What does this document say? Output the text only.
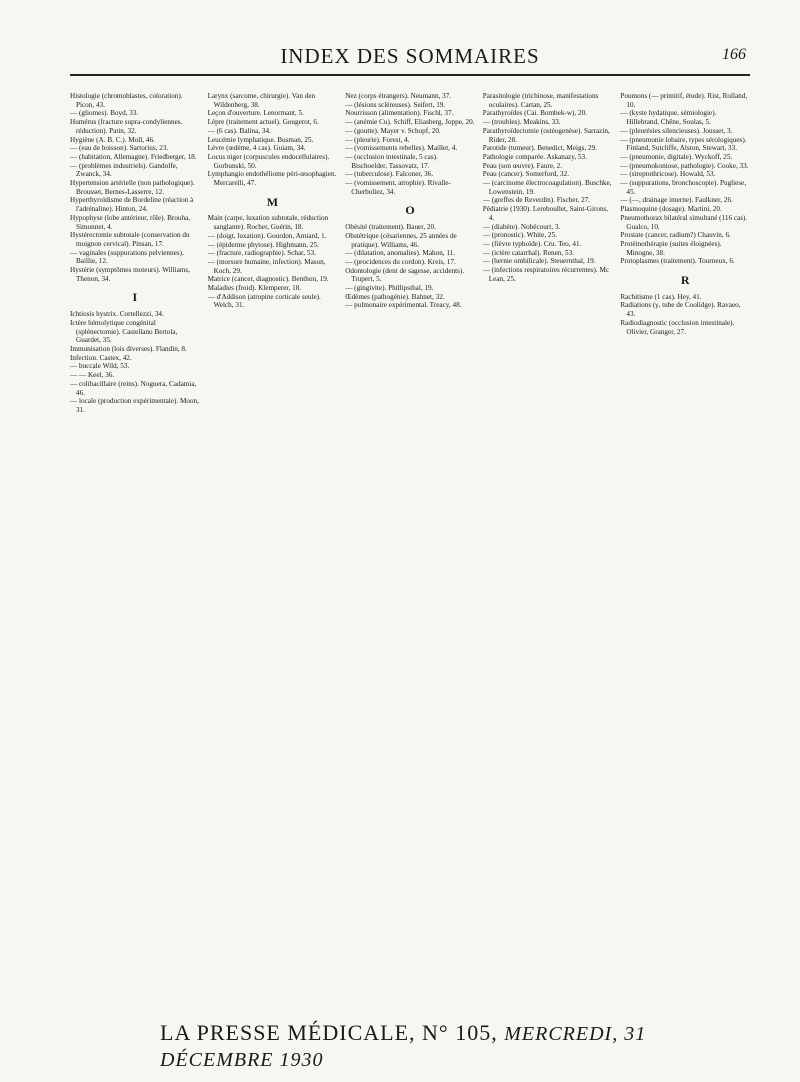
INDEX DES SOMMAIRES	166

Histologie (chromoblastes, coloration). Picon, 43.

— (gliomes). Boyd, 33.

Humérus (fracture supra-condyliennes. réduction). Patin, 32.

Hygiène (A. B. C.). Moll, 46.

— (eau de boisson). Sartorius, 23.

— (habitation, Allemagne). Friedberger, 18.

— (problèmes industriels). Gandolfe, Zwanck, 34.

Hypertension artérielle (non pathologique). Brousset, Bernes-Lasserre, 12.

Hyperthyroïdisme de Bordeline (réaction à l'adrénaline). Hinton, 24.

Hypophyse (lobe antérieur, rôle). Brouha, Simonnet, 4.

Hystérectomie subtotale (conservation du moignon cervical). Pinsan, 17.

— vaginales (suppurations pelviennes). Baillie, 12.

Hystérie (symptômes moteurs). Williams, Thenon, 34.

I

Ichtiosis hystrix. Cortellezzi, 34.

Ictère hémolytique congénital (splénectomie). Castellano Bertola, Guardet, 35.

Immunisation (lois diverses). Flandin, 8.

Infection. Castex, 42.

— buccale Wild, 53.

— — Keel, 36.

— colibacillaire (reins). Noguera, Cadamia, 46.

— locale (production expérimentale). Moon, 31.

Larynx (sarcome, chirurgie). Van den Wildenberg, 38.

Leçon d'ouverture. Lenormant, 5.

Lèpre (traitement actuel). Gougerot, 6.

— (6 cas). Balina, 34.

Leucémie lymphatique. Busman, 25.

Lèvre (œdème, 4 cas). Guiam, 34.

Locus niger (corpuscules endocellulaires). Gorbunski, 50.

Lymphangio endothéliome péri-œsophagien. Mercarelli, 47.

M

Main (carpe, luxation subtotale, réduction sanglante). Rocher, Guérin, 18.

— (doigt, luxation). Gourdon, Amiard, 1.

— (épiderme phytose). Highmann, 25.

— (fracture, radiographie). Schar, 53.

— (morsure humaine, infection). Mason, Koch, 29.

Matrice (cancer, diagnostic). Benthon, 19.

Maladies (froid). Klemperer, 18.

— d'Addison (atropine corticale seule). Welch, 31.

Nez (corps étrangers). Neumann, 37.

— (lésions scléreuses). Seifert, 19.

Nourrisson (alimentation). Fischl, 37.

— (anémie Cu). Schiff, Eliasberg, Joppe, 20.

— (goutte). Mayer v. Schopf, 20.

— (pleurie). Forest, 4.

— (vomissements rebelles). Maillet, 4.

— (occlusion intestinale, 5 cas). Bischoelder, Tassovatz, 17.

— (tuberculose). Falconer, 36.

— (vomissement, atrophie). Rivalle-Cherbuliez, 34.

O

Obésité (traitement). Bauer, 20.

Obstétrique (césariennes, 25 années de pratique). Williams, 46.

— (dilatation, anomalies). Mahon, 11.

— (procidences du cordon). Kreis, 17.

Odontologie (dent de sagesse, accidents). Trupert, 5.

— (gingivite). Phillipsthal, 19.

Œdèmes (pathogénie). Bahnet, 32.

— pulmonaire expérimental. Treacy, 48.

Parasitologie (trichinose, manifestations oculaires). Cartan, 25.

Parathyroïdes (Cai. Bombek-w), 20.

— (troubles). Meakins, 33.

Parathyroïdectomie (ostéogenèse). Sarrazin, Rider, 28.

Parotide (tumeur). Benedict, Meigs, 29.

Pathologie comparée. Askanazy, 53.

Peau (son œuvre). Faure, 2.

Peau (cancer). Somerford, 32.

— (carcinome électrocoagulation). Buschke, Lowenstein, 19.

— (greffes de Reverdin). Fischer, 27.

Pédiatrie (1930). Lereboullet, Saint-Girons, 4.

— (diabète). Nobécourt, 3.

— (pronostic). White, 25.

— (fièvre typhoïde). Cru. Teo, 41.

— (ictère catarrhal). Renen, 53.

— (hernie ombilicale). Steuernthal, 19.

— (infections respiratoires récurrentes). Mc Lean, 25.

Poumons (— primitif, étude). Rist, Rolland, 10.

— (kyste hydatique, sémiologie). Hillebrand, Chêne, Soulas, 5.

— (pleurésies silencieuses). Jousset, 3.

— (pneumonie lobaire, types sérologiques). Finland, Sutcliffe, Alston, Stewart, 33.

— (pneumonie, digitale). Wyckoff, 25.

— (pneumokoniose, pathologie). Cooke, 33.

— (streptothricose). Howald, 53.

— (suppurations, bronchoscopie). Pugliese, 45.

— (—, drainage interne). Faulkner, 26.

Plasmoquine (dosage). Martini, 20.

Pneumothorax bilatéral simultané (116 cas). Gualco, 10.

Prostate (cancer, radium?) Chauvin, 6.

Protéinothérapie (suites éloignées). Minogne, 38.

Protoplasmes (traitement). Tourneux, 6.

R

Rachitisme (1 cas). Hey, 41.

Radiations (γ, tube de Coolidge). Ravaeo, 43.

Radiodiagnostic (occlusion intestinale). Olivier, Granger, 27.

LA PRESSE MÉDICALE, N° 105, MERCREDI, 31 DÉCEMBRE 1930
